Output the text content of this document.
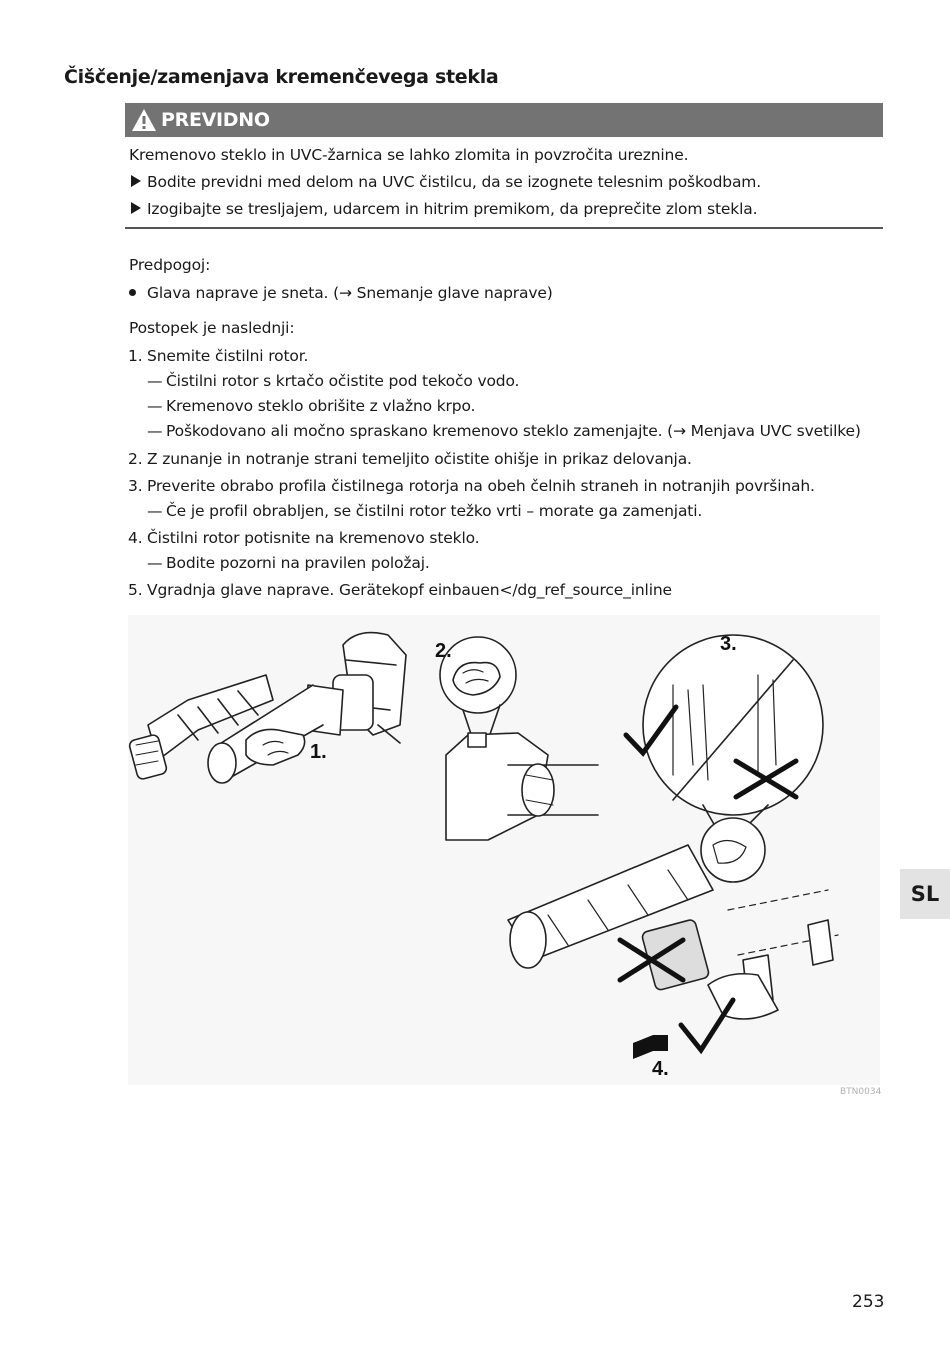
Čiščenje/zamenjava kremenčevega stekla
PREVIDNO
Kremenovo steklo in UVC-žarnica se lahko zlomita in povzročita ureznine.
Bodite previdni med delom na UVC čistilcu, da se izognete telesnim poškodbam.
Izogibajte se tresljajem, udarcem in hitrim premikom, da preprečite zlom stekla.
Predpogoj:
Glava naprave je sneta. (→ Snemanje glave naprave)
Postopek je naslednji:
1. Snemite čistilni rotor.
— Čistilni rotor s krtačo očistite pod tekočo vodo.
— Kremenovo steklo obrišite z vlažno krpo.
— Poškodovano ali močno spraskano kremenovo steklo zamenjajte. (→ Menjava UVC svetilke)
2. Z zunanje in notranje strani temeljito očistite ohišje in prikaz delovanja.
3. Preverite obrabo profila čistilnega rotorja na obeh čelnih straneh in notranjih površinah.
— Če je profil obrabljen, se čistilni rotor težko vrti – morate ga zamenjati.
4. Čistilni rotor potisnite na kremenovo steklo.
— Bodite pozorni na pravilen položaj.
5. Vgradnja glave naprave. Gerätekopf einbauen</dg_ref_source_inline
1.
2.	3.
4.
BTN0034
SL
253
